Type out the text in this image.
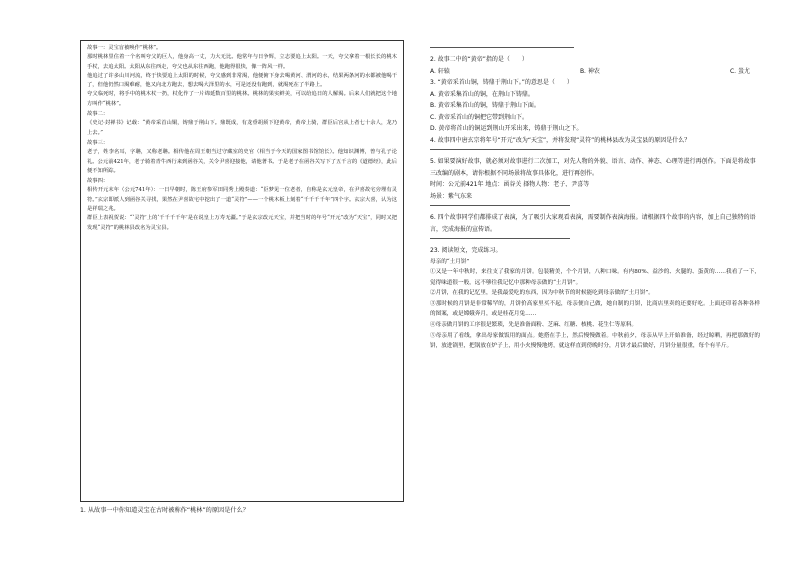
故事一：灵宝盲被唤作“桃林”。

那时桃林里住着一个名叫夸父的巨人，他身高一丈，力大无比。他常年与日争辉，立志要追上太阳。一天，夸父拿着一根长长的桃木手杖，去追太阳。太阳从东往西走，夸父也从东往西跑，他跑得很快，像一阵风一样。

他追过了许多山川河流，终于快要追上太阳的时候，夸父感到非常渴，他便俯下身去喝黄河、渭河的水，结果两条河的水都被他喝干了，但他仍然口渴难耐，他又向北方跑去，想去喝大泽里的水，可是还没有跑到，就渴死在了半路上。

夸父临死时，将手中的桃木杖一扔，杖化作了一片绵延数百里的桃林。桃林的果实鲜美，可以给追日的人解渴。后来人们就把这个地方叫作“桃林”。

故事二：

《史记·封禅书》记载：“黄帝采首山铜，铸鼎于荆山下。鼎既成，有龙垂胡须下迎黄帝，黄帝上骑，群臣后宫从上者七十余人，龙乃上去。”

故事三：

老子，姓李名耳，字聃，又称老聃。相传他在周王朝当过守藏室的史官（相当于今天的国家图书馆馆长）。他知识渊博，曾与孔子论礼。公元前421年，老子骑着青牛西行来到函谷关，关令尹喜迎接他，请他著书。于是老子在函谷关写下了五千言的《道德经》，此后便不知所踪。

故事四：

相传开元末年（公元741年）：一日早朝时，陈王府参军田同秀上殿奏道：“臣梦见一位老者，自称是玄元皇帝，在尹喜故宅旁埋有灵符。”玄宗即派人到函谷关寻找，果然在尹喜故宅中挖出了一道“灵符”——一个桃木板上刻着“千千千千年”四个字。玄宗大喜，认为这是祥瑞之兆。

群臣上表祝贺说：“‘灵符’上的‘千千千千年’是在说皇上万寿无疆。”于是玄宗改元天宝，并把当时的年号“开元”改为“天宝”，同时又把发现“灵符”的桃林县改名为灵宝县。

1. 从故事一中你知道灵宝在古时被称作“桃林”的原因是什么？

2. 故事二中的“黄帝”指的是（　　）

A. 轩辕	B. 神农	C. 蚩尤

3. “黄帝采首山铜，铸鼎于荆山下。”的意思是（　　）

A. 黄帝采集首山的铜，在荆山下铸鼎。

B. 黄帝采集首山的铜，铸鼎于荆山下面。

C. 黄帝采首山的铜把它带到荆山下。

D. 黄帝将首山的铜运到荆山开采出来，铸鼎于荆山之下。

4. 故事四中唐玄宗将年号“开元”改为“天宝”，并将发现“灵符”的桃林县改为灵宝县的原因是什么？

5. 如果要演好故事，就必须对故事进行二次加工，对先人物的外貌、语言、动作、神态、心理等进行再创作。下面是将故事三改编的剧本，请你根据不同场景将故事具体化，进行再创作。

时间：公元前421年 地点：函谷关 择物人物：老子、尹喜等

场景：紫气东来

6. 四个故事同学们都排成了表演，为了吸引大家观看表演，需要制作表演海报。请根据四个故事的内容，加上自己独特的语言，完成海报的宣传语。

23. 阅读短文，完成练习。

母亲的“土月饼”

①又是一年中秋时，来往支了我家的月饼。包装精美，个个月饼，八种口味。有内80%、益沙的、火腿的、蛋黄的……我看了一下，觉得味道很一般，远不够往我记忆中那种母亲做的“土月饼”。

②月饼，在我的记忆里，是我最爱吃的东西，因为中秋节的时候能吃到母亲做的“土月饼”。

③那时候的月饼是非常稀罕的，月饼价高家里买不起，母亲便自己做，她自制的月饼，比商店里卖的还要好吃。上面还印着各种各样的图案，或是嫦娥奔月，或是桂花月兔……

④母亲做月饼的工序很是繁琐，先是准备面粉、芝麻、红糖、核桃、花生仁等原料。

⑤母亲用了看线，拿出母家做饭用的面点。她搭在手上，然后慢慢做着。中秋前夕，母亲从早上开始准备，经过晾晒，再把那做好的饼，放进锅里，把锅放在炉子上，用小火慢慢地烤，就这样直到傍晚时分，月饼才最后做好，月饼分量很重，每个有半斤。
